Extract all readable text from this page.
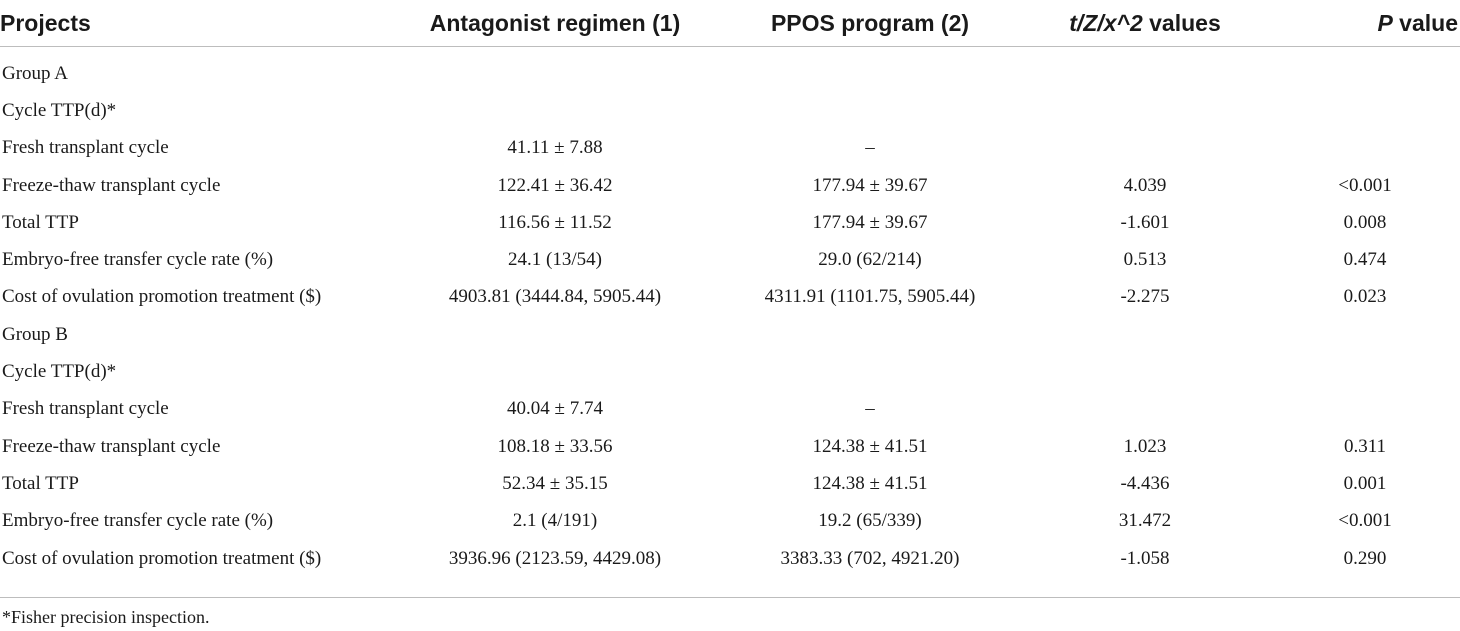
Projects	Antagonist regimen (1)	PPOS program (2)	t/Z/x^2 values	P value
Group A				
Cycle TTP(d)*				
Fresh transplant cycle	41.11 ± 7.88	–		
Freeze-thaw transplant cycle	122.41 ± 36.42	177.94 ± 39.67	4.039	<0.001
Total TTP	116.56 ± 11.52	177.94 ± 39.67	-1.601	0.008
Embryo-free transfer cycle rate (%)	24.1 (13/54)	29.0 (62/214)	0.513	0.474
Cost of ovulation promotion treatment ($)	4903.81 (3444.84, 5905.44)	4311.91 (1101.75, 5905.44)	-2.275	0.023
Group B				
Cycle TTP(d)*				
Fresh transplant cycle	40.04 ± 7.74	–		
Freeze-thaw transplant cycle	108.18 ± 33.56	124.38 ± 41.51	1.023	0.311
Total TTP	52.34 ± 35.15	124.38 ± 41.51	-4.436	0.001
Embryo-free transfer cycle rate (%)	2.1 (4/191)	19.2 (65/339)	31.472	<0.001
Cost of ovulation promotion treatment ($)	3936.96 (2123.59, 4429.08)	3383.33 (702, 4921.20)	-1.058	0.290
*Fisher precision inspection.
